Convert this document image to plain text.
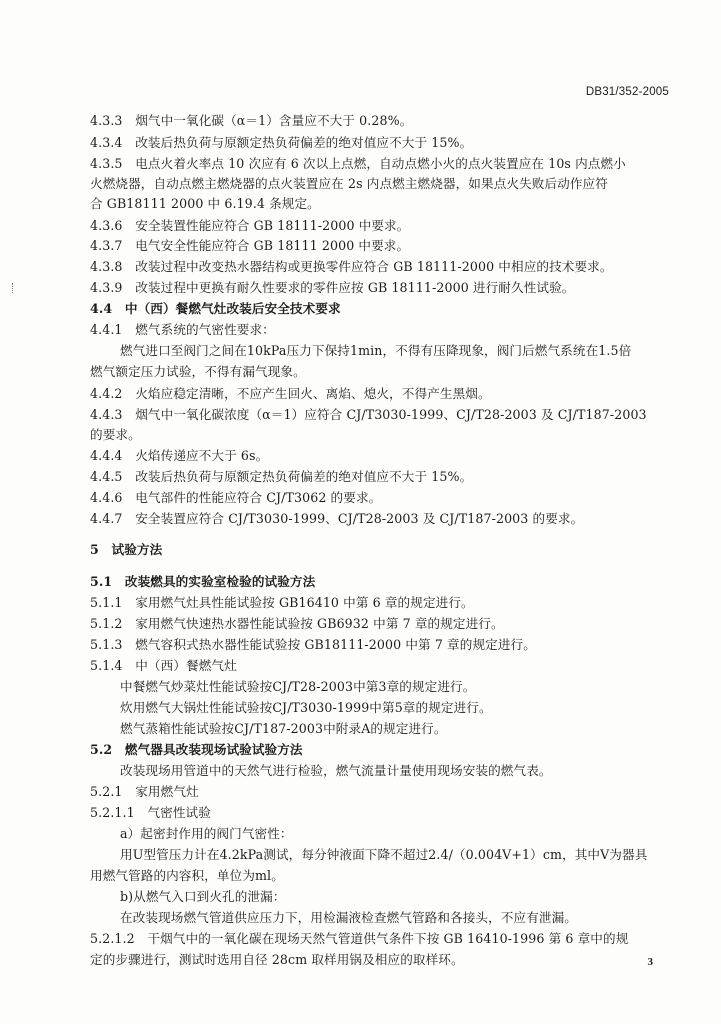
DB31/352-2005
4.3.3　烟气中一氧化碳（α＝1）含量应不大于 0.28%。
4.3.4　改装后热负荷与原额定热负荷偏差的绝对值应不大于 15%。
4.3.5　电点火着火率点 10 次应有 6 次以上点燃，自动点燃小火的点火装置应在 10s 内点燃小
火燃烧器，自动点燃主燃烧器的点火装置应在 2s 内点燃主燃烧器，如果点火失败后动作应符
合 GB18111 2000 中 6.19.4 条规定。
4.3.6　安全装置性能应符合 GB 18111-2000 中要求。
4.3.7　电气安全性能应符合 GB 18111 2000 中要求。
4.3.8　改装过程中改变热水器结构或更换零件应符合 GB 18111-2000 中相应的技术要求。
4.3.9　改装过程中更换有耐久性要求的零件应按 GB 18111-2000 进行耐久性试验。
4.4　中（西）餐燃气灶改装后安全技术要求
4.4.1　燃气系统的气密性要求：
燃气进口至阀门之间在10kPa压力下保持1min，不得有压降现象，阀门后燃气系统在1.5倍
燃气额定压力试验，不得有漏气现象。
4.4.2　火焰应稳定清晰，不应产生回火、离焰、熄火，不得产生黑烟。
4.4.3　烟气中一氧化碳浓度（α＝1）应符合 CJ/T3030-1999、CJ/T28-2003 及 CJ/T187-2003
的要求。
4.4.4　火焰传递应不大于 6s。
4.4.5　改装后热负荷与原额定热负荷偏差的绝对值应不大于 15%。
4.4.6　电气部件的性能应符合 CJ/T3062 的要求。
4.4.7　安全装置应符合 CJ/T3030-1999、CJ/T28-2003 及 CJ/T187-2003 的要求。
5　试验方法
5.1　改装燃具的实验室检验的试验方法
5.1.1　家用燃气灶具性能试验按 GB16410 中第 6 章的规定进行。
5.1.2　家用燃气快速热水器性能试验按 GB6932 中第 7 章的规定进行。
5.1.3　燃气容积式热水器性能试验按 GB18111-2000 中第 7 章的规定进行。
5.1.4　中（西）餐燃气灶
中餐燃气炒菜灶性能试验按CJ/T28-2003中第3章的规定进行。
炊用燃气大锅灶性能试验按CJ/T3030-1999中第5章的规定进行。
燃气蒸箱性能试验按CJ/T187-2003中附录A的规定进行。
5.2　燃气器具改装现场试验试验方法
改装现场用管道中的天然气进行检验，燃气流量计量使用现场安装的燃气表。
5.2.1　家用燃气灶
5.2.1.1　气密性试验
a）起密封作用的阀门气密性：
用U型管压力计在4.2kPa测试，每分钟液面下降不超过2.4/（0.004V+1）cm，其中V为器具
用燃气管路的内容积，单位为ml。
b)从燃气入口到火孔的泄漏：
在改装现场燃气管道供应压力下，用检漏液检查燃气管路和各接头，不应有泄漏。
5.2.1.2　干烟气中的一氧化碳在现场天然气管道供气条件下按 GB 16410-1996 第 6 章中的规
定的步骤进行，测试时选用自径 28cm 取样用锅及相应的取样环。	3
